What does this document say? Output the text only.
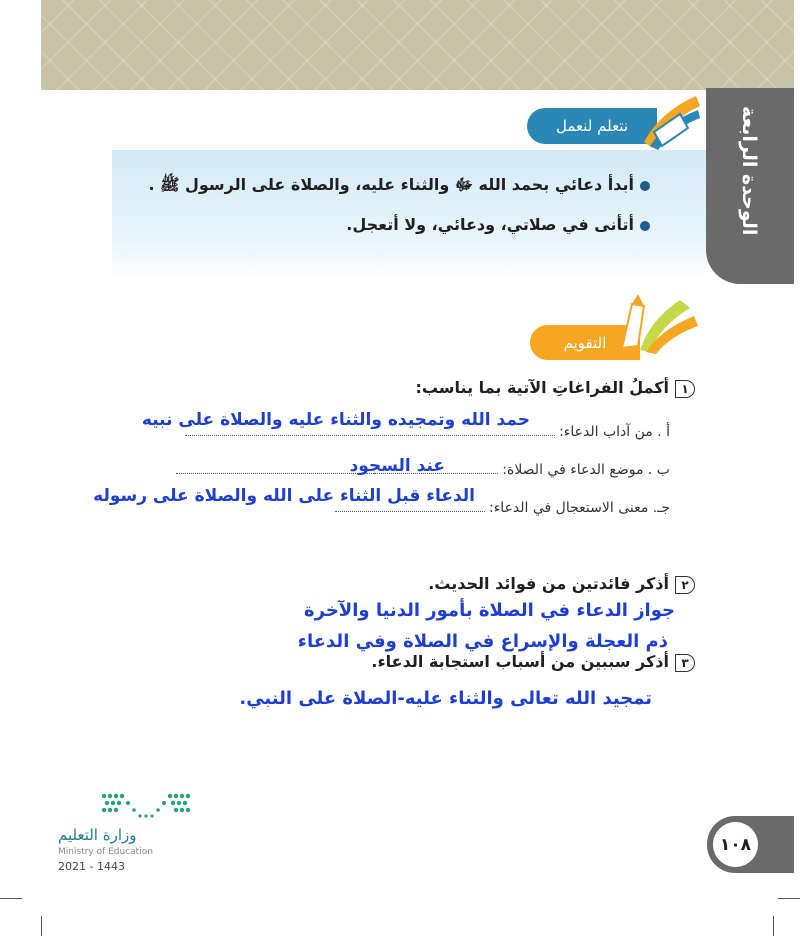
الوحدة الرابعة
نتعلم لنعمل
أبدأ دعائي بحمد الله ﷻ والثناء عليه، والصلاة على الرسول ﷺ .
أتأنى في صلاتي، ودعائي، ولا أتعجل.
التقويم
١أكملُ الفراغاتِ الآتية بما يناسب:
حمد الله وتمجيده والثناء عليه والصلاة على نبيه
أ . من آداب الدعاء:
ب . موضع الدعاء في الصلاة:
عند السجود
الدعاء قبل الثناء على الله والصلاة على رسوله
جـ. معنى الاستعجال في الدعاء:
٢أذكر فائدتين من فوائد الحديث.
جواز الدعاء في الصلاة بأمور الدنيا والآخرة
ذم العجلة والإسراع في الصلاة وفي الدعاء
٣أذكر سببين من أسباب استجابة الدعاء.
تمجيد الله تعالى والثناء عليه-الصلاة على النبي.
١٠٨
وزارة التعليم
Ministry of Education
2021 - 1443
